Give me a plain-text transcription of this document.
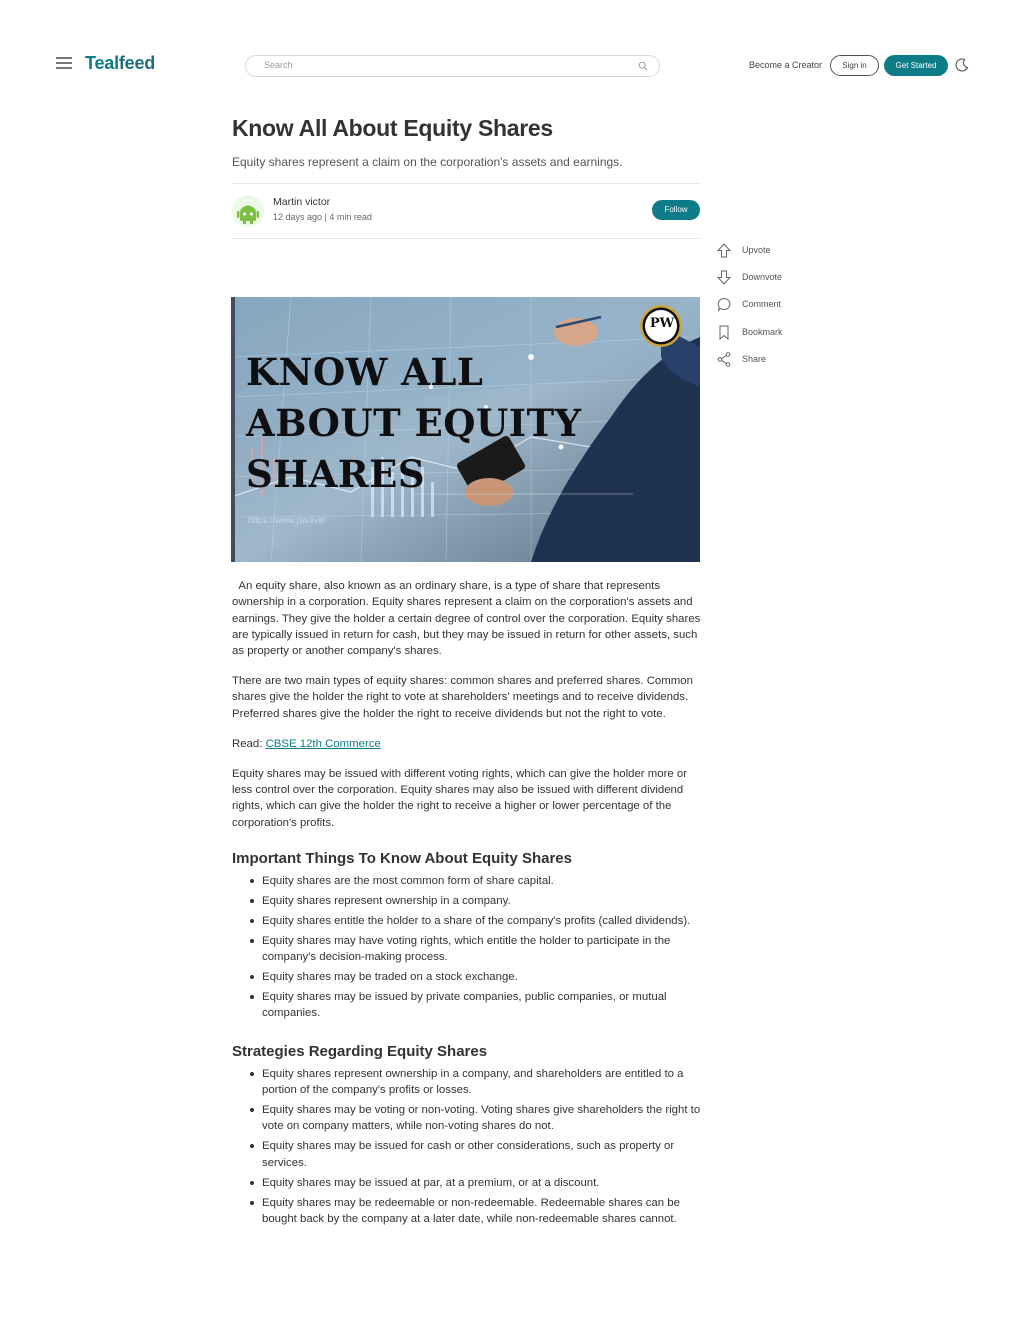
Tealfeed
Search	Become a Creator	Sign in	Get Started
Know All About Equity Shares
Equity shares represent a claim on the corporation's assets and earnings.
Martin victor
12 days ago | 4 min read
Follow
Upvote
Downvote
Comment
Bookmark
Share
PW
KNOW ALL
ABOUT EQUITY
SHARES
https://www.pw.live/

An equity share, also known as an ordinary share, is a type of share that represents ownership in a corporation. Equity shares represent a claim on the corporation's assets and earnings. They give the holder a certain degree of control over the corporation. Equity shares are typically issued in return for cash, but they may be issued in return for other assets, such as property or another company's shares.

There are two main types of equity shares: common shares and preferred shares. Common shares give the holder the right to vote at shareholders' meetings and to receive dividends. Preferred shares give the holder the right to receive dividends but not the right to vote.

Read: CBSE 12th Commerce

Equity shares may be issued with different voting rights, which can give the holder more or less control over the corporation. Equity shares may also be issued with different dividend rights, which can give the holder the right to receive a higher or lower percentage of the corporation's profits.

Important Things To Know About Equity Shares
Equity shares are the most common form of share capital.
Equity shares represent ownership in a company.
Equity shares entitle the holder to a share of the company's profits (called dividends).
Equity shares may have voting rights, which entitle the holder to participate in the company's decision-making process.
Equity shares may be traded on a stock exchange.
Equity shares may be issued by private companies, public companies, or mutual companies.
Strategies Regarding Equity Shares
Equity shares represent ownership in a company, and shareholders are entitled to a portion of the company's profits or losses.
Equity shares may be voting or non-voting. Voting shares give shareholders the right to vote on company matters, while non-voting shares do not.
Equity shares may be issued for cash or other considerations, such as property or services.
Equity shares may be issued at par, at a premium, or at a discount.
Equity shares may be redeemable or non-redeemable. Redeemable shares can be bought back by the company at a later date, while non-redeemable shares cannot.
